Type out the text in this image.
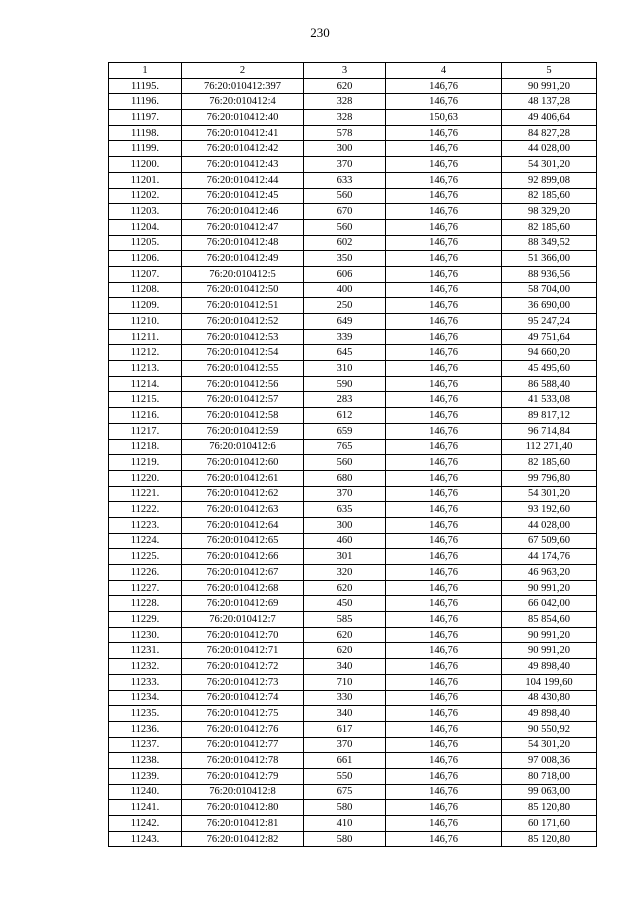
230
1	2	3	4	5
11195.	76:20:010412:397	620	146,76	90 991,20
11196.	76:20:010412:4	328	146,76	48 137,28
11197.	76:20:010412:40	328	150,63	49 406,64
11198.	76:20:010412:41	578	146,76	84 827,28
11199.	76:20:010412:42	300	146,76	44 028,00
11200.	76:20:010412:43	370	146,76	54 301,20
11201.	76:20:010412:44	633	146,76	92 899,08
11202.	76:20:010412:45	560	146,76	82 185,60
11203.	76:20:010412:46	670	146,76	98 329,20
11204.	76:20:010412:47	560	146,76	82 185,60
11205.	76:20:010412:48	602	146,76	88 349,52
11206.	76:20:010412:49	350	146,76	51 366,00
11207.	76:20:010412:5	606	146,76	88 936,56
11208.	76:20:010412:50	400	146,76	58 704,00
11209.	76:20:010412:51	250	146,76	36 690,00
11210.	76:20:010412:52	649	146,76	95 247,24
11211.	76:20:010412:53	339	146,76	49 751,64
11212.	76:20:010412:54	645	146,76	94 660,20
11213.	76:20:010412:55	310	146,76	45 495,60
11214.	76:20:010412:56	590	146,76	86 588,40
11215.	76:20:010412:57	283	146,76	41 533,08
11216.	76:20:010412:58	612	146,76	89 817,12
11217.	76:20:010412:59	659	146,76	96 714,84
11218.	76:20:010412:6	765	146,76	112 271,40
11219.	76:20:010412:60	560	146,76	82 185,60
11220.	76:20:010412:61	680	146,76	99 796,80
11221.	76:20:010412:62	370	146,76	54 301,20
11222.	76:20:010412:63	635	146,76	93 192,60
11223.	76:20:010412:64	300	146,76	44 028,00
11224.	76:20:010412:65	460	146,76	67 509,60
11225.	76:20:010412:66	301	146,76	44 174,76
11226.	76:20:010412:67	320	146,76	46 963,20
11227.	76:20:010412:68	620	146,76	90 991,20
11228.	76:20:010412:69	450	146,76	66 042,00
11229.	76:20:010412:7	585	146,76	85 854,60
11230.	76:20:010412:70	620	146,76	90 991,20
11231.	76:20:010412:71	620	146,76	90 991,20
11232.	76:20:010412:72	340	146,76	49 898,40
11233.	76:20:010412:73	710	146,76	104 199,60
11234.	76:20:010412:74	330	146,76	48 430,80
11235.	76:20:010412:75	340	146,76	49 898,40
11236.	76:20:010412:76	617	146,76	90 550,92
11237.	76:20:010412:77	370	146,76	54 301,20
11238.	76:20:010412:78	661	146,76	97 008,36
11239.	76:20:010412:79	550	146,76	80 718,00
11240.	76:20:010412:8	675	146,76	99 063,00
11241.	76:20:010412:80	580	146,76	85 120,80
11242.	76:20:010412:81	410	146,76	60 171,60
11243.	76:20:010412:82	580	146,76	85 120,80
